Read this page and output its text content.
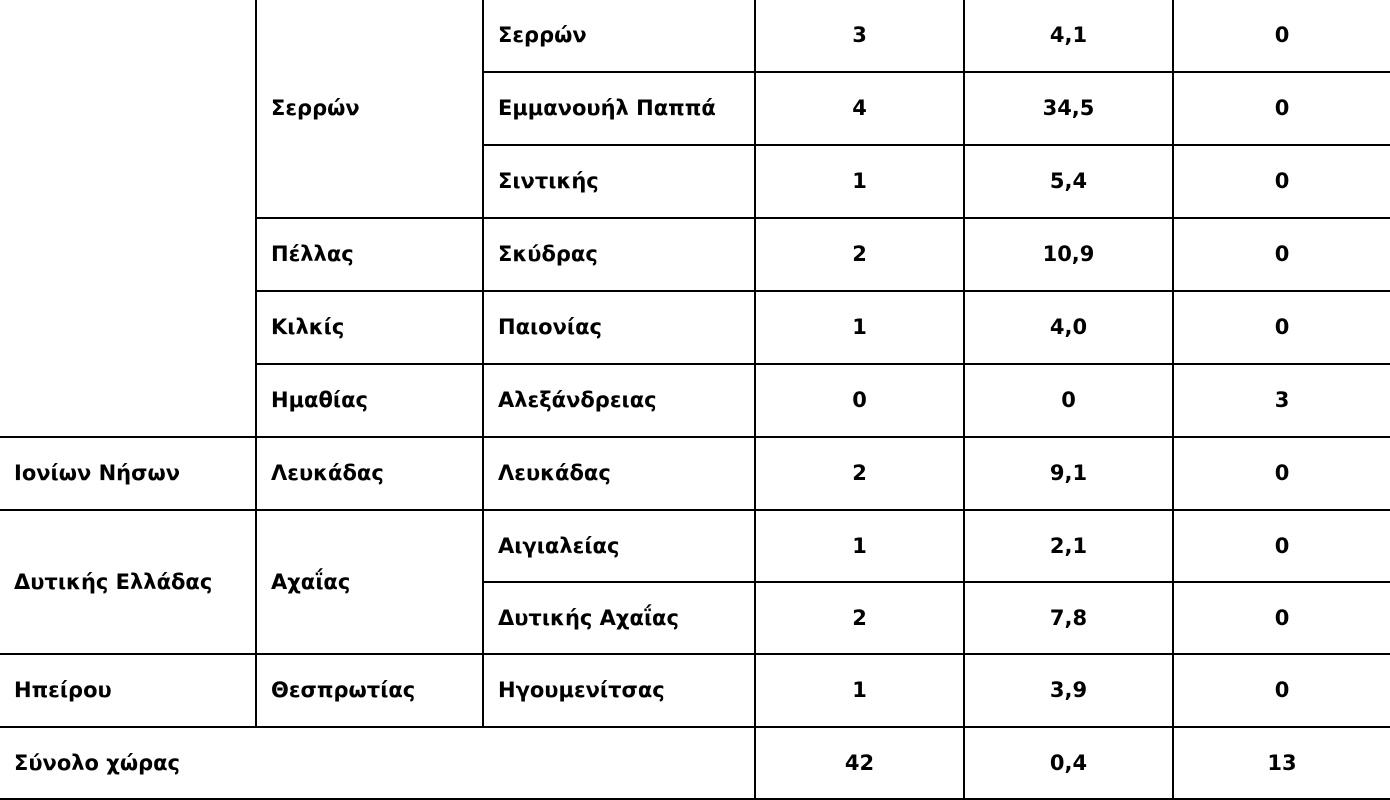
	Σερρών	Σερρών	3	4,1	0
		Εμμανουήλ Παππά	4	34,5	0
		Σιντικής	1	5,4	0
	Πέλλας	Σκύδρας	2	10,9	0
	Κιλκίς	Παιονίας	1	4,0	0
	Ημαθίας	Αλεξάνδρειας	0	0	3
Ιονίων Νήσων	Λευκάδας	Λευκάδας	2	9,1	0
Δυτικής Ελλάδας	Αχαΐας	Αιγιαλείας	1	2,1	0
		Δυτικής Αχαΐας	2	7,8	0
Ηπείρου	Θεσπρωτίας	Ηγουμενίτσας	1	3,9	0
Σύνολο χώρας			42	0,4	13
